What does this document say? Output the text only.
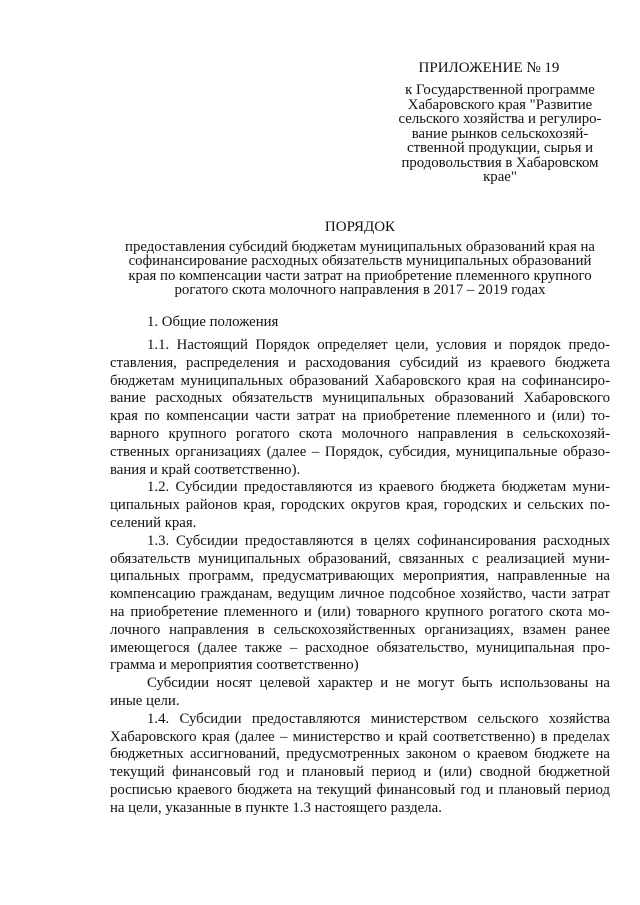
ПРИЛОЖЕНИЕ № 19
к Государственной программе
Хабаровского края "Развитие
сельского хозяйства и регулиро-
вание рынков сельскохозяй-
ственной продукции, сырья и
продовольствия в Хабаровском
крае"
ПОРЯДОК
предоставления субсидий бюджетам муниципальных образований края на
софинансирование расходных обязательств муниципальных образований
края по компенсации части затрат на приобретение племенного крупного
рогатого скота молочного направления в 2017 – 2019 годах
1. Общие положения
1.1. Настоящий Порядок определяет цели, условия и порядок предо-
ставления, распределения и расходования субсидий из краевого бюджета
бюджетам муниципальных образований Хабаровского края на софинансиро-
вание расходных обязательств муниципальных образований Хабаровского
края по компенсации части затрат на приобретение племенного и (или) то-
варного крупного рогатого скота молочного направления в сельскохозяй-
ственных организациях (далее – Порядок, субсидия, муниципальные образо-
вания и край соответственно).
1.2. Субсидии предоставляются из краевого бюджета бюджетам муни-
ципальных районов края, городских округов края, городских и сельских по-
селений края.
1.3. Субсидии предоставляются в целях софинансирования расходных
обязательств муниципальных образований, связанных с реализацией муни-
ципальных программ, предусматривающих мероприятия, направленные на
компенсацию гражданам, ведущим личное подсобное хозяйство, части затрат
на приобретение племенного и (или) товарного крупного рогатого скота мо-
лочного направления в сельскохозяйственных организациях, взамен ранее
имеющегося (далее также – расходное обязательство, муниципальная про-
грамма и мероприятия соответственно)
Субсидии носят целевой характер и не могут быть использованы на
иные цели.
1.4. Субсидии предоставляются министерством сельского хозяйства
Хабаровского края (далее – министерство и край соответственно) в пределах
бюджетных ассигнований, предусмотренных законом о краевом бюджете на
текущий финансовый год и плановый период и (или) сводной бюджетной
росписью краевого бюджета на текущий финансовый год и плановый период
на цели, указанные в пункте 1.3 настоящего раздела.
